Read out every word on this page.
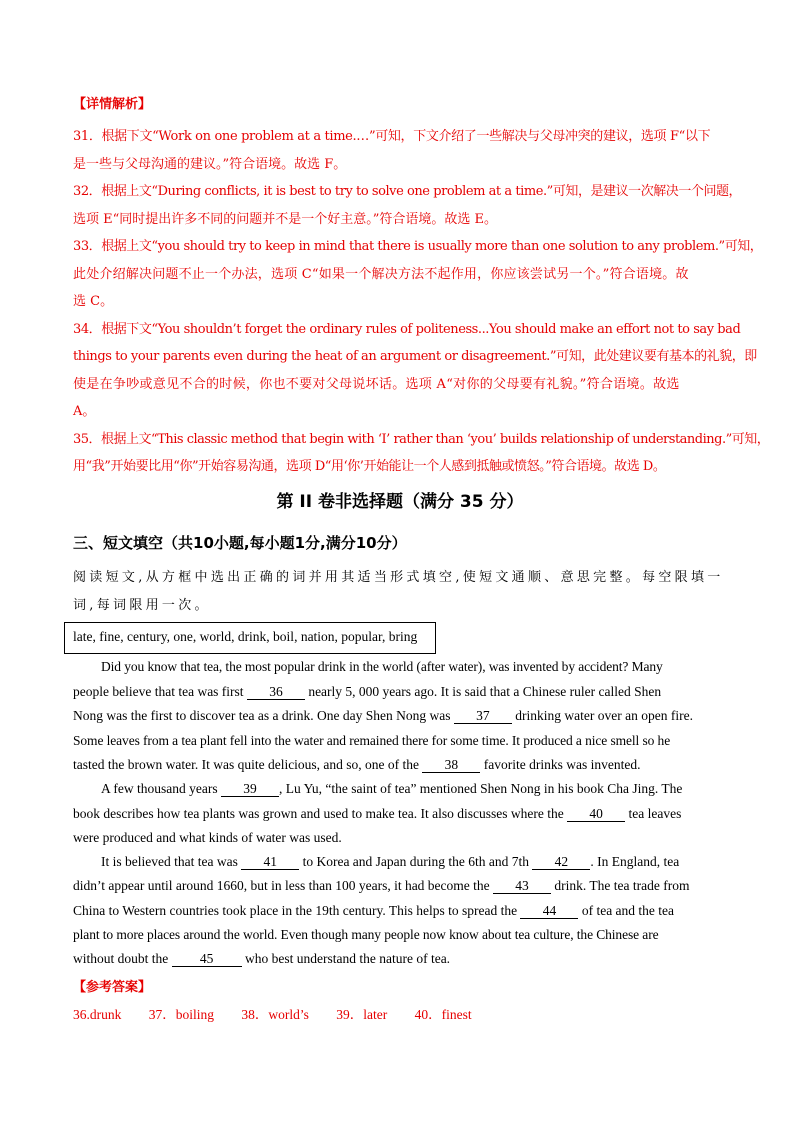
【详情解析】
31．根据下文“Work on one problem at a time.…”可知，下文介绍了一些解决与父母冲突的建议，选项 F“以下
是一些与父母沟通的建议。”符合语境。故选 F。
32．根据上文“During conflicts, it is best to try to solve one problem at a time.”可知，是建议一次解决一个问题，
选项 E“同时提出许多不同的问题并不是一个好主意。”符合语境。故选 E。
33．根据上文“you should try to keep in mind that there is usually more than one solution to any problem.”可知，
此处介绍解决问题不止一个办法，选项 C“如果一个解决方法不起作用，你应该尝试另一个。”符合语境。故
选 C。
34．根据下文“You shouldn’t forget the ordinary rules of politeness...You should make an effort not to say bad
things to your parents even during the heat of an argument or disagreement.”可知，此处建议要有基本的礼貌，即
使是在争吵或意见不合的时候，你也不要对父母说坏话。选项 A“对你的父母要有礼貌。”符合语境。故选
A。
35．根据上文“This classic method that begin with ‘I’ rather than ‘you’ builds relationship of understanding.”可知，
用“我”开始要比用“你”开始容易沟通，选项 D“用‘你’开始能让一个人感到抵触或愤怒。”符合语境。故选 D。
第 II 卷非选择题（满分 35 分）
三、短文填空（共10小题,每小题1分,满分10分）
阅读短文,从方框中选出正确的词并用其适当形式填空,使短文通顺、意思完整。每空限填一
词,每词限用一次。
late, fine, century, one, world, drink, boil, nation, popular, bring
Did you know that tea, the most popular drink in the world (after water), was invented by accident? Many
people believe that tea was first 36 nearly 5, 000 years ago. It is said that a Chinese ruler called Shen
Nong was the first to discover tea as a drink. One day Shen Nong was 37 drinking water over an open fire.
Some leaves from a tea plant fell into the water and remained there for some time. It produced a nice smell so he
tasted the brown water. It was quite delicious, and so, one of the 38 favorite drinks was invented.
A few thousand years 39 , Lu Yu, “the saint of tea” mentioned Shen Nong in his book Cha Jing. The
book describes how tea plants was grown and used to make tea. It also discusses where the 40 tea leaves
were produced and what kinds of water was used.
It is believed that tea was 41 to Korea and Japan during the 6th and 7th 42 . In England, tea
didn’t appear until around 1660, but in less than 100 years, it had become the 43 drink. The tea trade from
China to Western countries took place in the 19th century. This helps to spread the 44 of tea and the tea
plant to more places around the world. Even though many people now know about tea culture, the Chinese are
without doubt the 45 who best understand the nature of tea.
【参考答案】
36.drunk 37．boiling 38．world’s 39．later 40．finest
